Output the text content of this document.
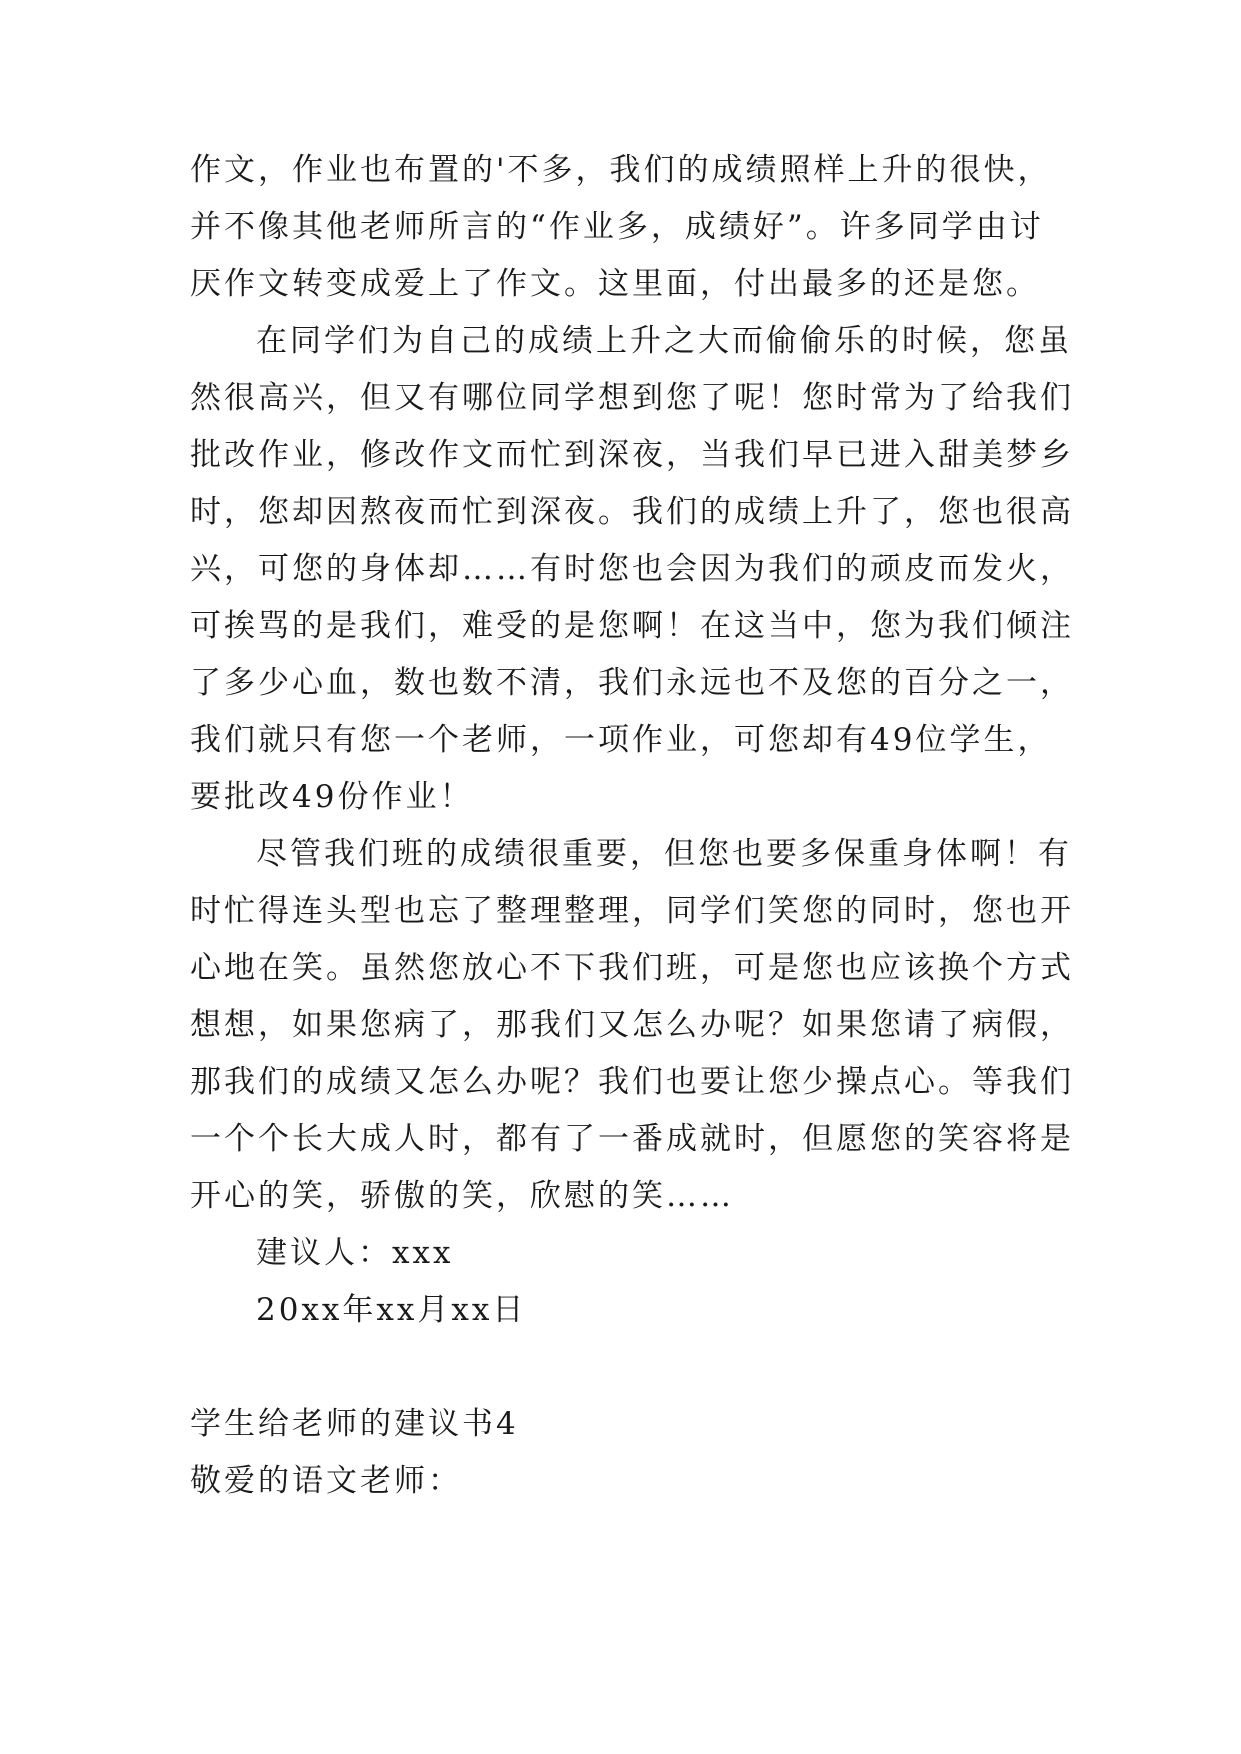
作文，作业也布置的'不多，我们的成绩照样上升的很快，
并不像其他老师所言的“作业多，成绩好”。许多同学由讨
厌作文转变成爱上了作文。这里面，付出最多的还是您。
在同学们为自己的成绩上升之大而偷偷乐的时候，您虽
然很高兴，但又有哪位同学想到您了呢！您时常为了给我们
批改作业，修改作文而忙到深夜，当我们早已进入甜美梦乡
时，您却因熬夜而忙到深夜。我们的成绩上升了，您也很高
兴，可您的身体却……有时您也会因为我们的顽皮而发火，
可挨骂的是我们，难受的是您啊！在这当中，您为我们倾注
了多少心血，数也数不清，我们永远也不及您的百分之一，
我们就只有您一个老师，一项作业，可您却有49位学生，
要批改49份作业！
尽管我们班的成绩很重要，但您也要多保重身体啊！有
时忙得连头型也忘了整理整理，同学们笑您的同时，您也开
心地在笑。虽然您放心不下我们班，可是您也应该换个方式
想想，如果您病了，那我们又怎么办呢？如果您请了病假，
那我们的成绩又怎么办呢？我们也要让您少操点心。等我们
一个个长大成人时，都有了一番成就时，但愿您的笑容将是
开心的笑，骄傲的笑，欣慰的笑……
建议人：xxx
20xx年xx月xx日
学生给老师的建议书4
敬爱的语文老师：
